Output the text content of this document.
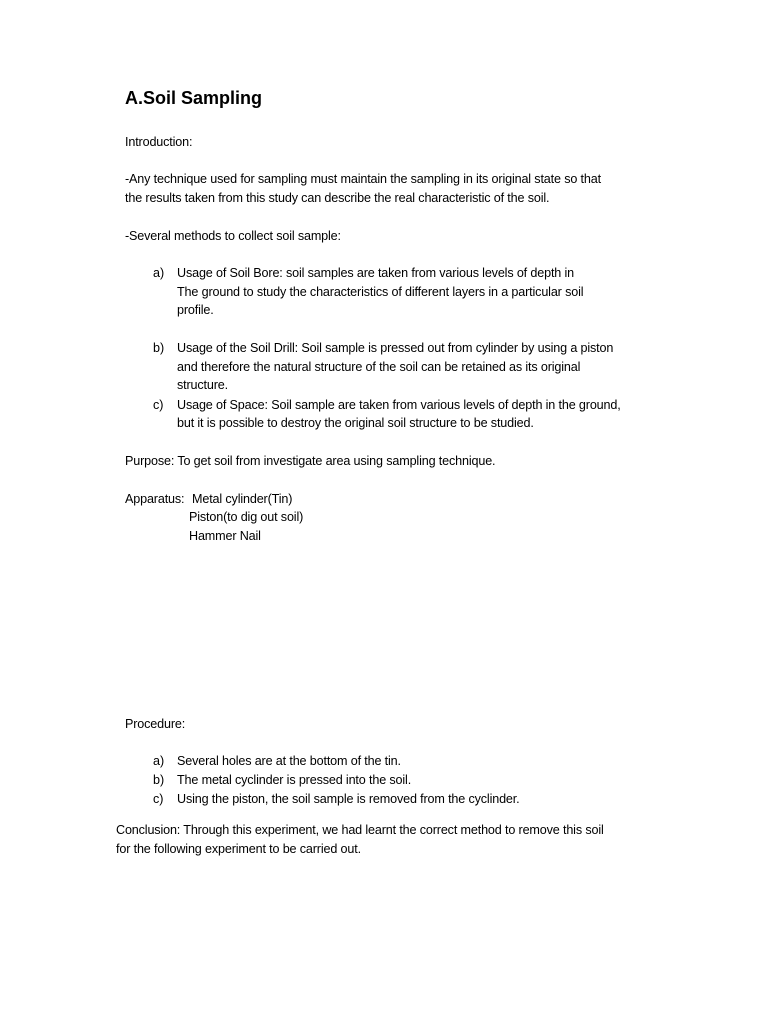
A.Soil Sampling
Introduction:
-Any technique used for sampling must maintain the sampling in its original state so that
the results taken from this study can describe the real characteristic of the soil.
-Several methods to collect soil sample:
a) Usage of Soil Bore: soil samples are taken from various levels of depth in
The ground to study the characteristics of different layers in a particular soil
profile.
b) Usage of the Soil Drill: Soil sample is pressed out from cylinder by using a piston
and therefore the natural structure of the soil can be retained as its original
structure.
c) Usage of Space: Soil sample are taken from various levels of depth in the ground,
but it is possible to destroy the original soil structure to be studied.
Purpose: To get soil from investigate area using sampling technique.
Apparatus: Metal cylinder(Tin)
Piston(to dig out soil)
Hammer Nail
Procedure:
a) Several holes are at the bottom of the tin.
b) The metal cyclinder is pressed into the soil.
c) Using the piston, the soil sample is removed from the cyclinder.
Conclusion: Through this experiment, we had learnt the correct method to remove this soil
for the following experiment to be carried out.
